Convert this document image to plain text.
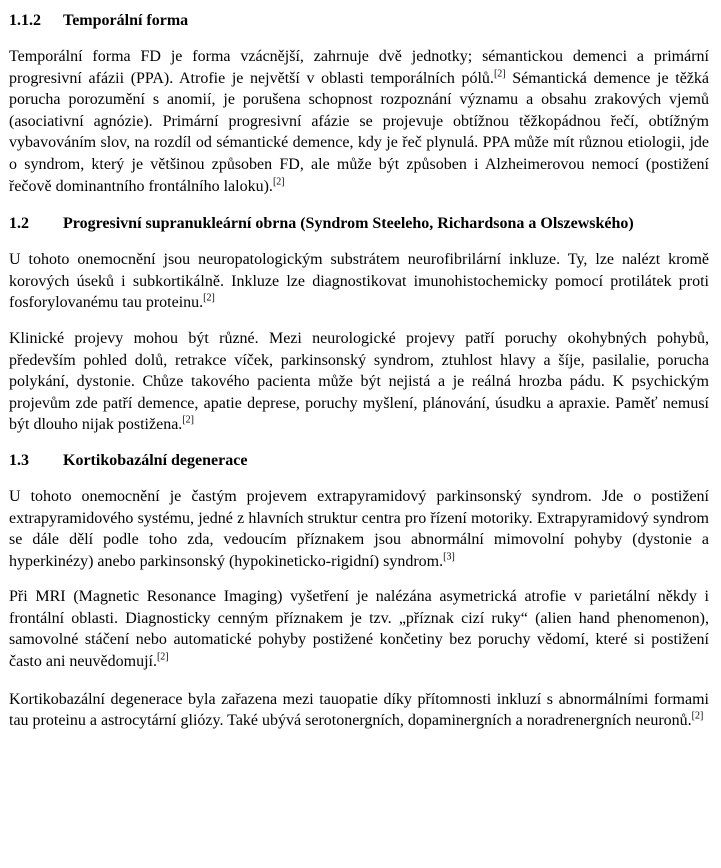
1.1.2	Temporální forma

Temporální forma FD je forma vzácnější, zahrnuje dvě jednotky; sémantickou demenci a primární progresivní afázii (PPA). Atrofie je největší v oblasti temporálních pólů.[2] Sémantická demence je těžká porucha porozumění s anomií, je porušena schopnost rozpoznání významu a obsahu zrakových vjemů (asociativní agnózie). Primární progresivní afázie se projevuje obtížnou těžkopádnou řečí, obtížným vybavováním slov, na rozdíl od sémantické demence, kdy je řeč plynulá. PPA může mít různou etiologii, jde o syndrom, který je většinou způsoben FD, ale může být způsoben i Alzheimerovou nemocí (postižení řečově dominantního frontálního laloku).[2]

1.2	Progresivní supranukleární obrna (Syndrom Steeleho, Richardsona a Olszewského)

U tohoto onemocnění jsou neuropatologickým substrátem neurofibrilární inkluze. Ty, lze nalézt kromě korových úseků i subkortikálně. Inkluze lze diagnostikovat imunohistochemicky pomocí protilátek proti fosforylovanému tau proteinu.[2]

Klinické projevy mohou být různé. Mezi neurologické projevy patří poruchy okohybných pohybů, především pohled dolů, retrakce víček, parkinsonský syndrom, ztuhlost hlavy a šíje, pasilalie, porucha polykání, dystonie. Chůze takového pacienta může být nejistá a je reálná hrozba pádu. K psychickým projevům zde patří demence, apatie deprese, poruchy myšlení, plánování, úsudku a apraxie. Paměť nemusí být dlouho nijak postižena.[2]

1.3	Kortikobazální degenerace

U tohoto onemocnění je častým projevem extrapyramidový parkinsonský syndrom. Jde o postižení extrapyramidového systému, jedné z hlavních struktur centra pro řízení motoriky. Extrapyramidový syndrom se dále dělí podle toho zda, vedoucím příznakem jsou abnormální mimovolní pohyby (dystonie a hyperkinézy) anebo parkinsonský (hypokineticko-rigidní) syndrom.[3]

Při MRI (Magnetic Resonance Imaging) vyšetření je nalézána asymetrická atrofie v parietální někdy i frontální oblasti. Diagnosticky cenným příznakem je tzv. „příznak cizí ruky“ (alien hand phenomenon), samovolné stáčení nebo automatické pohyby postižené končetiny bez poruchy vědomí, které si postižení často ani neuvědomují.[2]

Kortikobazální degenerace byla zařazena mezi tauopatie díky přítomnosti inkluzí s abnormálními formami tau proteinu a astrocytární gliózy. Také ubývá serotonergních, dopaminergních a noradrenergních neuronů.[2]
